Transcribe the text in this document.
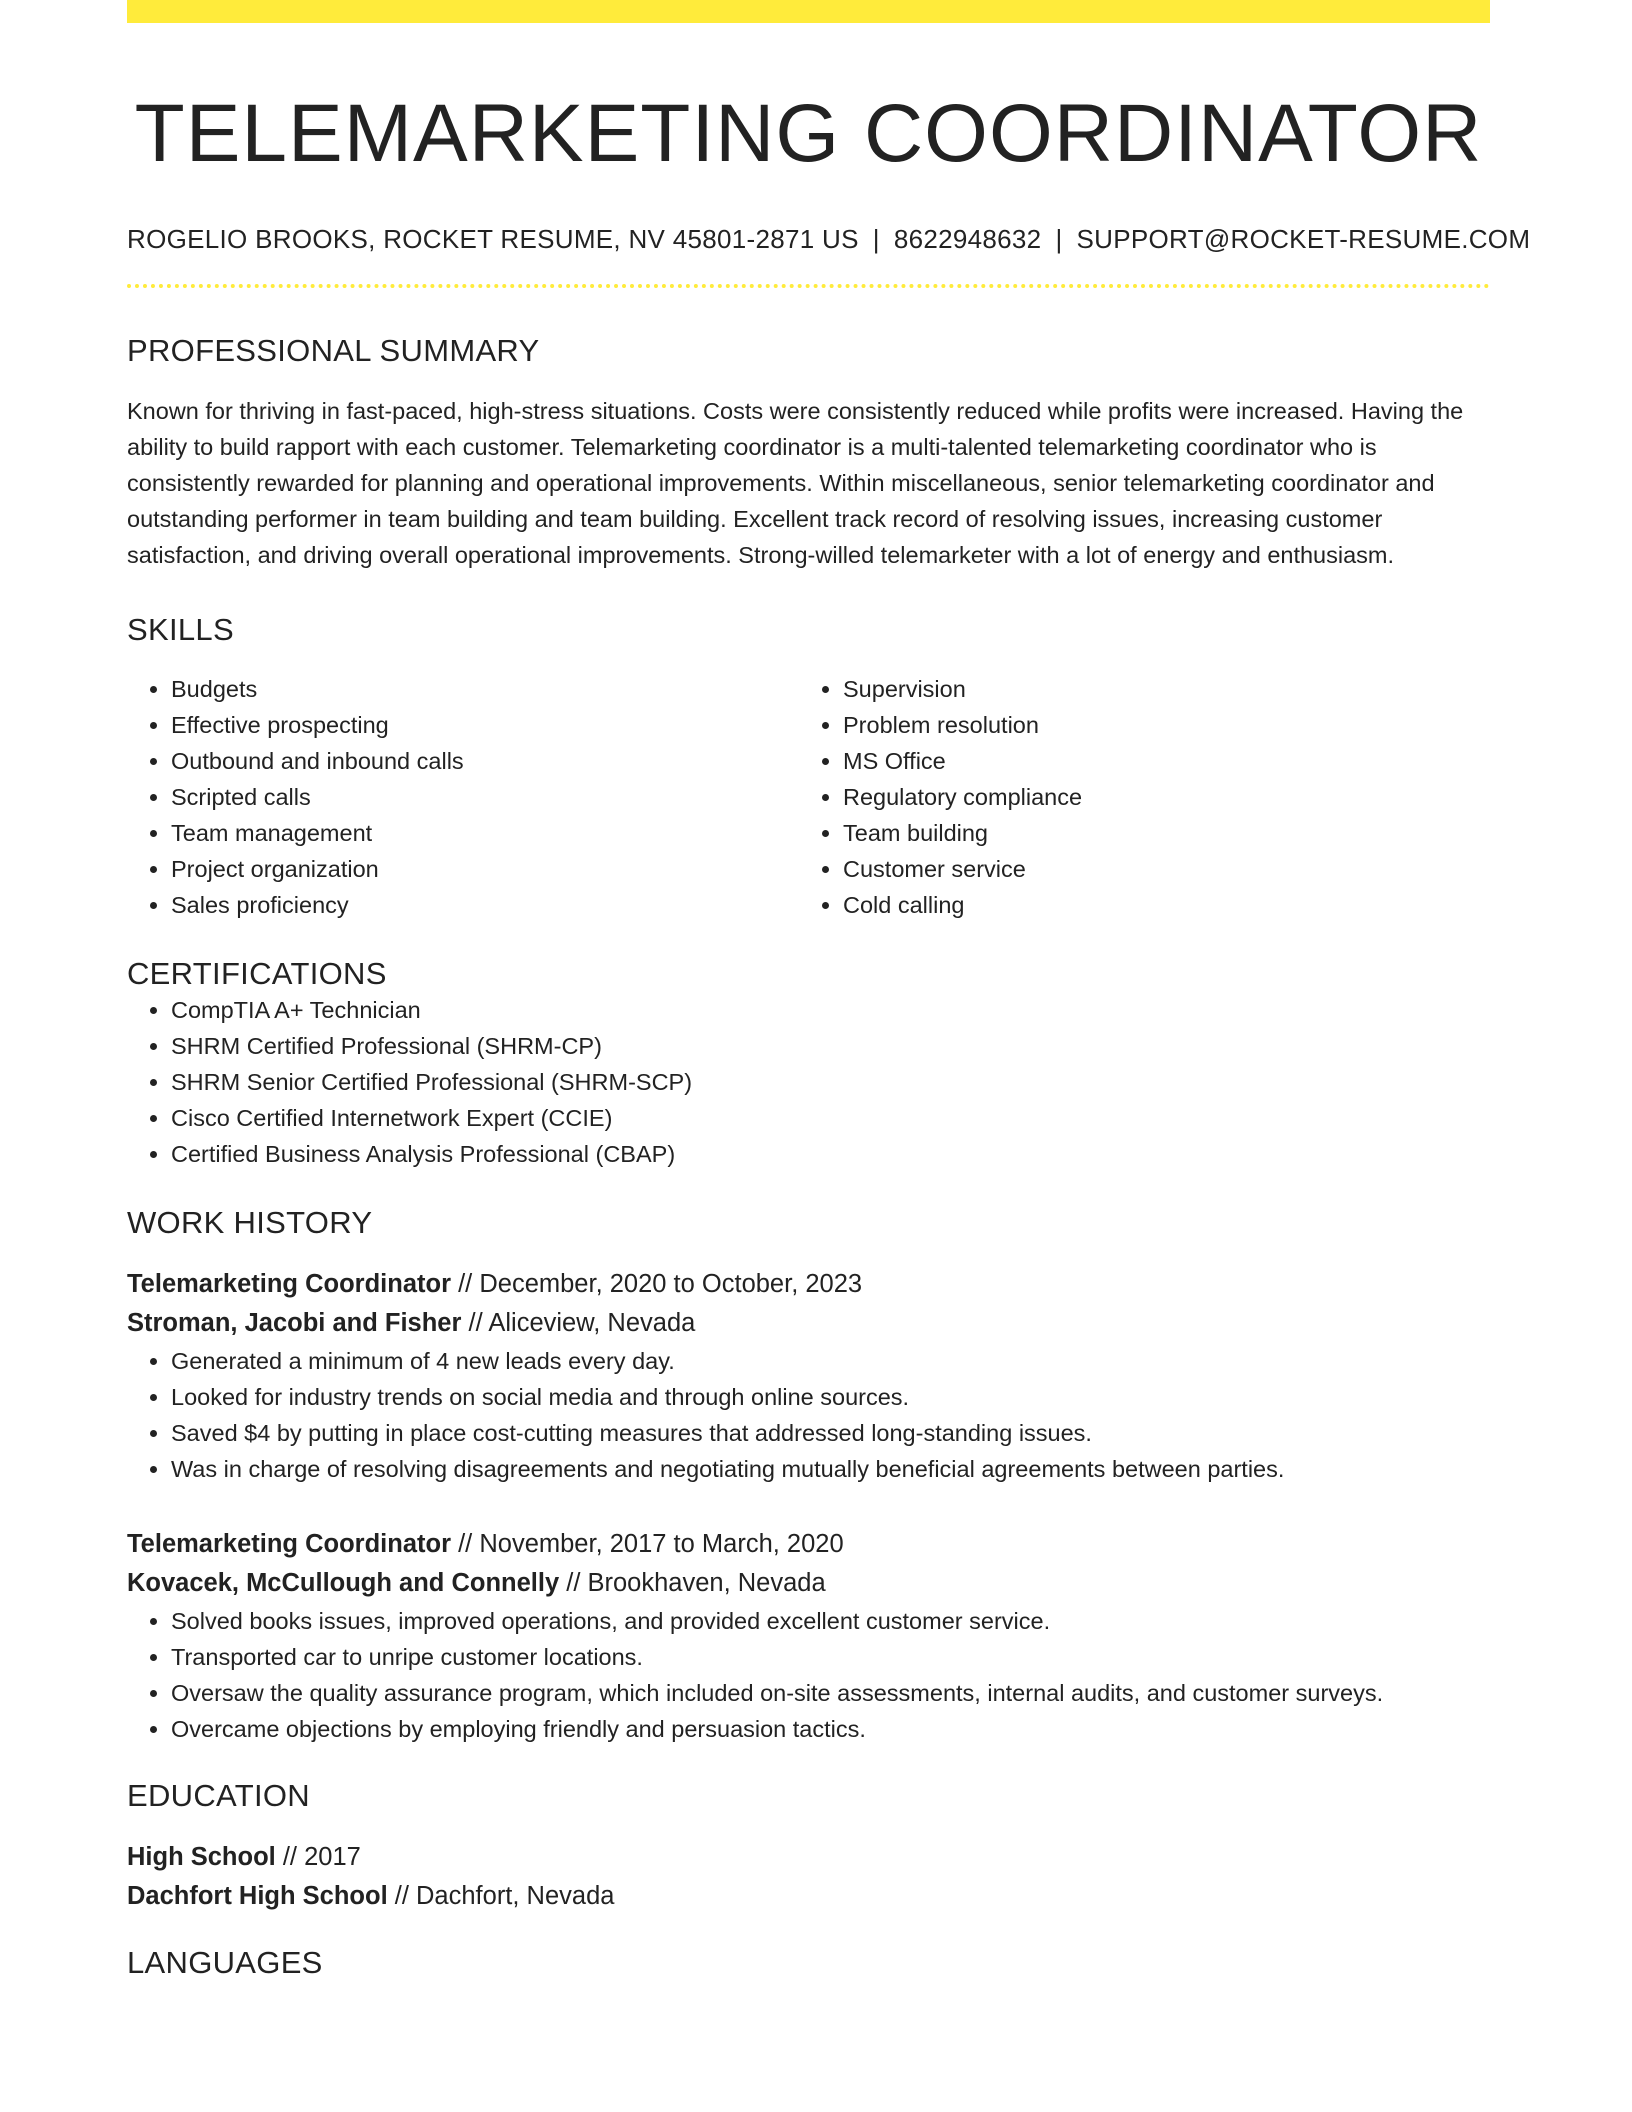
TELEMARKETING COORDINATOR
ROGELIO BROOKS, ROCKET RESUME, NV 45801-2871 US | 8622948632 | SUPPORT@ROCKET-RESUME.COM
PROFESSIONAL SUMMARY

Known for thriving in fast-paced, high-stress situations. Costs were consistently reduced while profits were increased. Having the ability to build rapport with each customer. Telemarketing coordinator is a multi-talented telemarketing coordinator who is consistently rewarded for planning and operational improvements. Within miscellaneous, senior telemarketing coordinator and outstanding performer in team building and team building. Excellent track record of resolving issues, increasing customer satisfaction, and driving overall operational improvements. Strong-willed telemarketer with a lot of energy and enthusiasm.

SKILLS
• Budgets
• Effective prospecting
• Outbound and inbound calls
• Scripted calls
• Team management
• Project organization
• Sales proficiency
• Supervision
• Problem resolution
• MS Office
• Regulatory compliance
• Team building
• Customer service
• Cold calling
CERTIFICATIONS
• CompTIA A+ Technician
• SHRM Certified Professional (SHRM-CP)
• SHRM Senior Certified Professional (SHRM-SCP)
• Cisco Certified Internetwork Expert (CCIE)
• Certified Business Analysis Professional (CBAP)
WORK HISTORY
Telemarketing Coordinator // December, 2020 to October, 2023
Stroman, Jacobi and Fisher // Aliceview, Nevada
• Generated a minimum of 4 new leads every day.
• Looked for industry trends on social media and through online sources.
• Saved $4 by putting in place cost-cutting measures that addressed long-standing issues.
• Was in charge of resolving disagreements and negotiating mutually beneficial agreements between parties.
Telemarketing Coordinator // November, 2017 to March, 2020
Kovacek, McCullough and Connelly // Brookhaven, Nevada
• Solved books issues, improved operations, and provided excellent customer service.
• Transported car to unripe customer locations.
• Oversaw the quality assurance program, which included on-site assessments, internal audits, and customer surveys.
• Overcame objections by employing friendly and persuasion tactics.
EDUCATION
High School // 2017
Dachfort High School // Dachfort, Nevada
LANGUAGES
